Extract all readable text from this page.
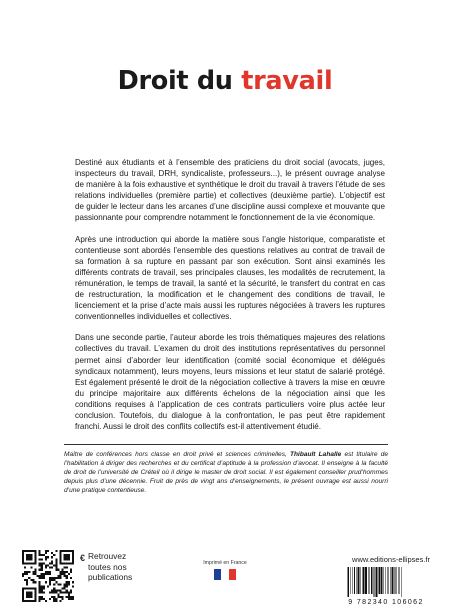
Droit du travail

Destiné aux étudiants et à l’ensemble des praticiens du droit social (avocats, juges, inspecteurs du travail, DRH, syndicaliste, professeurs...), le présent ouvrage analyse de manière à la fois exhaustive et synthétique le droit du travail à travers l’étude de ses relations individuelles (première partie) et collectives (deuxième partie). L’objectif est de guider le lecteur dans les arcanes d’une discipline aussi complexe et mouvante que passionnante pour comprendre notamment le fonctionnement de la vie économique.

Après une introduction qui aborde la matière sous l’angle historique, comparatiste et contentieuse sont abordés l’ensemble des questions relatives au contrat de travail de sa formation à sa rupture en passant par son exécution. Sont ainsi examinés les différents contrats de travail, ses principales clauses, les modalités de recrutement, la rémunération, le temps de travail, la santé et la sécurité, le transfert du contrat en cas de restructuration, la modification et le changement des conditions de travail, le licenciement et la prise d’acte mais aussi les ruptures négociées à travers les ruptures conventionnelles individuelles et collectives.

Dans une seconde partie, l’auteur aborde les trois thématiques majeures des relations collectives du travail. L’examen du droit des institutions représentatives du personnel permet ainsi d’aborder leur identification (comité social économique et délégués syndicaux notamment), leurs moyens, leurs missions et leur statut de salarié protégé. Est également présenté le droit de la négociation collective à travers la mise en œuvre du principe majoritaire aux différents échelons de la négociation ainsi que les conditions requises à l’application de ces contrats particuliers voire plus actée leur conclusion. Toutefois, du dialogue à la confrontation, le pas peut être rapidement franchi. Aussi le droit des conflits collectifs est-il attentivement étudié.

Maître de conférences hors classe en droit privé et sciences criminelles, Thibault Lahalle est titulaire de l’habilitation à diriger des recherches et du certificat d’aptitude à la profession d’avocat. Il enseigne à la faculté de droit de l’université de Créteil où il dirige le master de droit social. Il est également conseiller prud’hommes depuis plus d’une décennie. Fruit de près de vingt ans d’enseignements, le présent ouvrage est aussi nourri d’une pratique contentieuse.
€ Retrouvez
toutes nos
publications
Imprimé en France	www.editions-ellipses.fr
9 782340 106062
